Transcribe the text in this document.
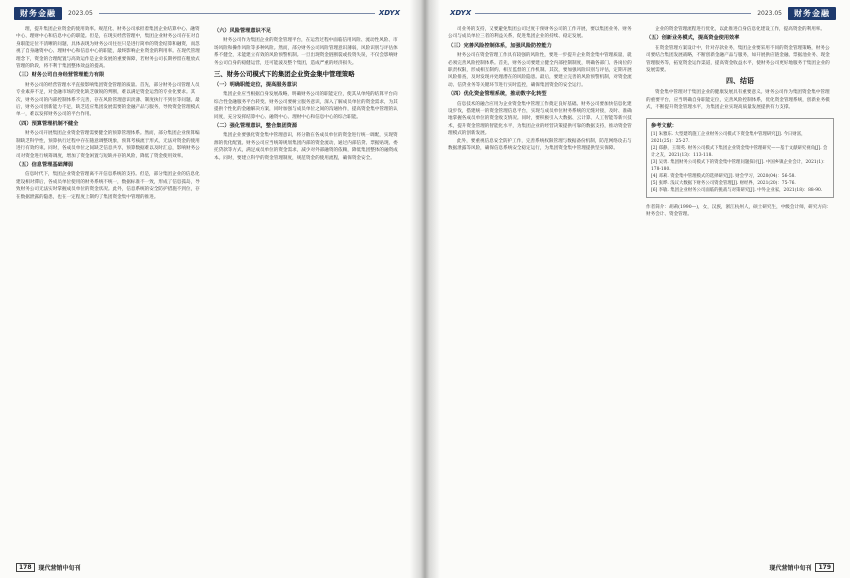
财务金融	2023.05	XDYX

理，提升集团企业资金的使用效率。规范化、财务公司承担着集团企业结算中心、融资中心、理财中心和信息中心的职能。但是，在现实经营管理中，集团企业财务公司存在对自身职能定位不清晰的问题，具体表现为财务公司往往只是进行简单的资金结算和融资，而忽视了自身融资中心、理财中心和信息中心的职能，最终影响企业资金的利用率。在现代管理理念下，资金的合理配置与高效运作是企业发展的重要保障，若财务公司长期停留在粗放式管理的阶段，将不利于集团整体效益的提高。

（三）财务公司自身经营管理能力有限

财务公司的经营管理水平直接影响集团资金管理的质量。首先，部分财务公司管理人员专业素养不足，对金融市场的变化缺乏敏锐的判断，难以满足资金运营的专业化要求。其次，财务公司的内部控制体系不完善，存在风险管理意识淡薄、制度执行不到位等问题。最后，财务公司创新能力不足，缺乏适应集团发展需要的金融产品与服务，导致资金管理模式单一，难以发挥财务公司的平台作用。

（四）预算管理机制不健全

财务公司开展集团企业资金管理需要健全的预算管理体系。然而，部分集团企业预算编制缺乏科学性，预算执行过程中存在随意调整现象，预算考核流于形式，无法对资金的使用进行有效约束。同时，各成员单位之间缺乏信息共享，预算数据难以及时汇总，影响财务公司对资金进行统筹调度，增加了资金闲置与短缺并存的风险，降低了资金使用效率。

（五）信息管理基础薄弱

信息时代下，集团企业资金管理离不开信息系统的支持。但是，部分集团企业的信息化建设相对滞后，各成员单位使用的财务系统不统一，数据标准不一致，形成了信息孤岛，导致财务公司无法实时掌握成员单位的资金状况。此外，信息系统的安全防护措施不到位，存在数据泄露的隐患，也在一定程度上制约了集团资金集中管理的推进。

（六）风险管理意识不足

财务公司作为集团企业的资金管理平台，在运营过程中面临信用风险、流动性风险、市场风险和操作风险等多种风险。然而，部分财务公司风险管理意识薄弱，风险识别与评估体系不健全，未能建立有效的风险预警机制。一旦出现资金链断裂或投资失误，不仅会影响财务公司自身的稳健运营，还可能波及整个集团，造成严重的经济损失。

三、财务公司模式下的集团企业资金集中管理策略
（一）明确职能定位，提高服务意识

集团企业应当根据自身发展战略，明确财务公司的职能定位，使其从单纯的结算平台向综合性金融服务平台转变。财务公司要树立服务意识，深入了解成员单位的资金需求，为其提供个性化的金融解决方案，同时加强与成员单位之间的沟通协作，提高资金集中管理的认同度，充分发挥结算中心、融资中心、理财中心和信息中心的综合职能。

（二）强化管理意识，整合集团资源

集团企业要强化资金集中管理意识，将分散在各成员单位的资金进行统一调配，实现资源的优化配置。财务公司应当统筹规划集团内部的资金流动，通过内部信贷、票据贴现、委托贷款等方式，满足成员单位的资金需求，减少对外部融资的依赖，降低集团整体的融资成本。同时，要建立科学的资金管理制度，规范资金的使用流程，确保资金安全。

178	现代营销中旬刊
XDYX	2023.05	财务金融

司业务的支持，又要避免集团公司过度干预财务公司的工作开展，要以集团业务、财务公司与成员单位三者的利益关系，促进集团企业的持续、稳定发展。

（三）完善风险控制体系，加强风险防控能力

财务公司在资金管理工作具有较强的风险性，要进一步提升企业资金集中管理质量，就必须完善风险控制体系。首先，财务公司要建立健全内部控制制度，明确各部门、各岗位的职责权限，形成相互制约、相互监督的工作机制。其次，要加强风险识别与评估，定期开展风险排查，及时发现并处理潜在的风险隐患。最后，要建立完善的风险预警机制，对资金流动、信贷业务等关键环节进行实时监控，确保集团资金的安全运行。

（四）优化资金管理系统，推动数字化转型

信息技术的融合应用为企业资金集中管理工作奠定良好基础。财务公司要加快信息化建设步伐，搭建统一的资金管理信息平台，实现与成员单位财务系统的无缝对接，及时、准确地掌握各成员单位的资金收支情况。同时，要积极引入大数据、云计算、人工智能等新兴技术，提升资金管理的智能化水平，为集团企业的经营决策提供可靠的数据支持，推动资金管理模式的创新发展。

此外，要重视信息安全防护工作，完善系统权限管理与数据备份机制，防范网络攻击与数据泄露等风险，确保信息系统安全稳定运行，为集团资金集中管理提供坚实保障。

企业的资金管理流程进行优化，以此推进自身信息化建设工作，提高资金的利用率。

（五）创新业务模式，提高资金使用效率

在资金管理方案设计中，针对存款业务，集团企业要采用不同的资金管理策略，财务公司要结合集团发展战略，不断创新金融产品与服务，如开展供应链金融、票据池业务、现金管理服务等，拓宽资金运作渠道，提高资金收益水平，使财务公司更好地服务于集团企业的发展需要。

四、结语

资金集中管理对于集团企业的健康发展具有重要意义。财务公司作为集团资金集中管理的重要平台，应当明确自身职能定位，完善风险控制体系，优化资金管理系统，创新业务模式，不断提升资金管理水平，为集团企业实现高质量发展提供有力支撑。

参考文献：

[1] 朱雅东. 大型建筑施工企业财务公司模式下资金集中管理研究[J]. 今日财富，2021(25)：25-27.

[2] 郑静，王瑞英. 财务公司模式下集团企业资金集中管理研究——基于文献研究视角[J]. 会计之友，2021(13)：113-118.

[3] 吴勇. 集团财务公司模式下的资金集中管理问题探讨[J]. 中国乡镇企业会计，2021(1)：178-180.

[4] 邓莉. 资金集中管理模式的选择研究[J]. 财会学习，2020(04)：56-58.

[5] 张晔. 浅议大数据下财务公司资金管理[J]. 财经界，2021(20)：75-76.

[6] 李敏. 集团企业财务公司面临的挑战与对策研究[J]. 中外企业家，2021(18)：88-90.

作者简介：胡莉(1990—)，女，汉族，浙江杭州人，硕士研究生，中级会计师，研究方向：财务会计、资金管理。
现代营销中旬刊	179
